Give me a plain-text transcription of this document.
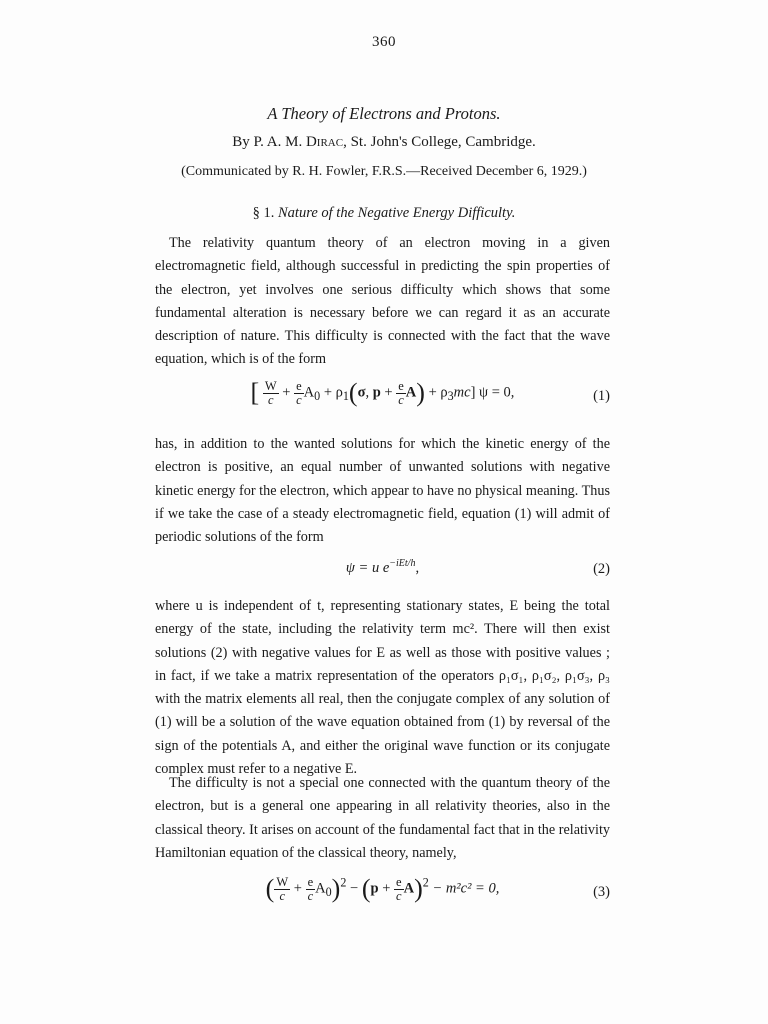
360
A Theory of Electrons and Protons.
By P. A. M. Dirac, St. John's College, Cambridge.
(Communicated by R. H. Fowler, F.R.S.—Received December 6, 1929.)
§ 1. Nature of the Negative Energy Difficulty.
The relativity quantum theory of an electron moving in a given electromagnetic field, although successful in predicting the spin properties of the electron, yet involves one serious difficulty which shows that some fundamental alteration is necessary before we can regard it as an accurate description of nature. This difficulty is connected with the fact that the wave equation, which is of the form
[ $\frac{W}{c} + \frac{e}{c} A_0 + \rho_1(\sigma$, $p + \frac{e}{c} A) + \rho_3mc$] ψ = 0,	(1)
has, in addition to the wanted solutions for which the kinetic energy of the electron is positive, an equal number of unwanted solutions with negative kinetic energy for the electron, which appear to have no physical meaning. Thus if we take the case of a steady electromagnetic field, equation (1) will admit of periodic solutions of the form
ψ = u $e^{-iEt/h}$,	(2)
where u is independent of t, representing stationary states, E being the total energy of the state, including the relativity term mc². There will then exist solutions (2) with negative values for E as well as those with positive values ; in fact, if we take a matrix representation of the operators ρ₁σ₁, ρ₁σ₂, ρ₁σ₃, ρ₃ with the matrix elements all real, then the conjugate complex of any solution of (1) will be a solution of the wave equation obtained from (1) by reversal of the sign of the potentials A, and either the original wave function or its conjugate complex must refer to a negative E.
The difficulty is not a special one connected with the quantum theory of the electron, but is a general one appearing in all relativity theories, also in the classical theory. It arises on account of the fundamental fact that in the relativity Hamiltonian equation of the classical theory, namely,
( $\frac{W}{c} + \frac{e}{c} A_0)^2 - (p + \frac{e}{c} A)^2 - m^2c^2 = 0$,	(3)
